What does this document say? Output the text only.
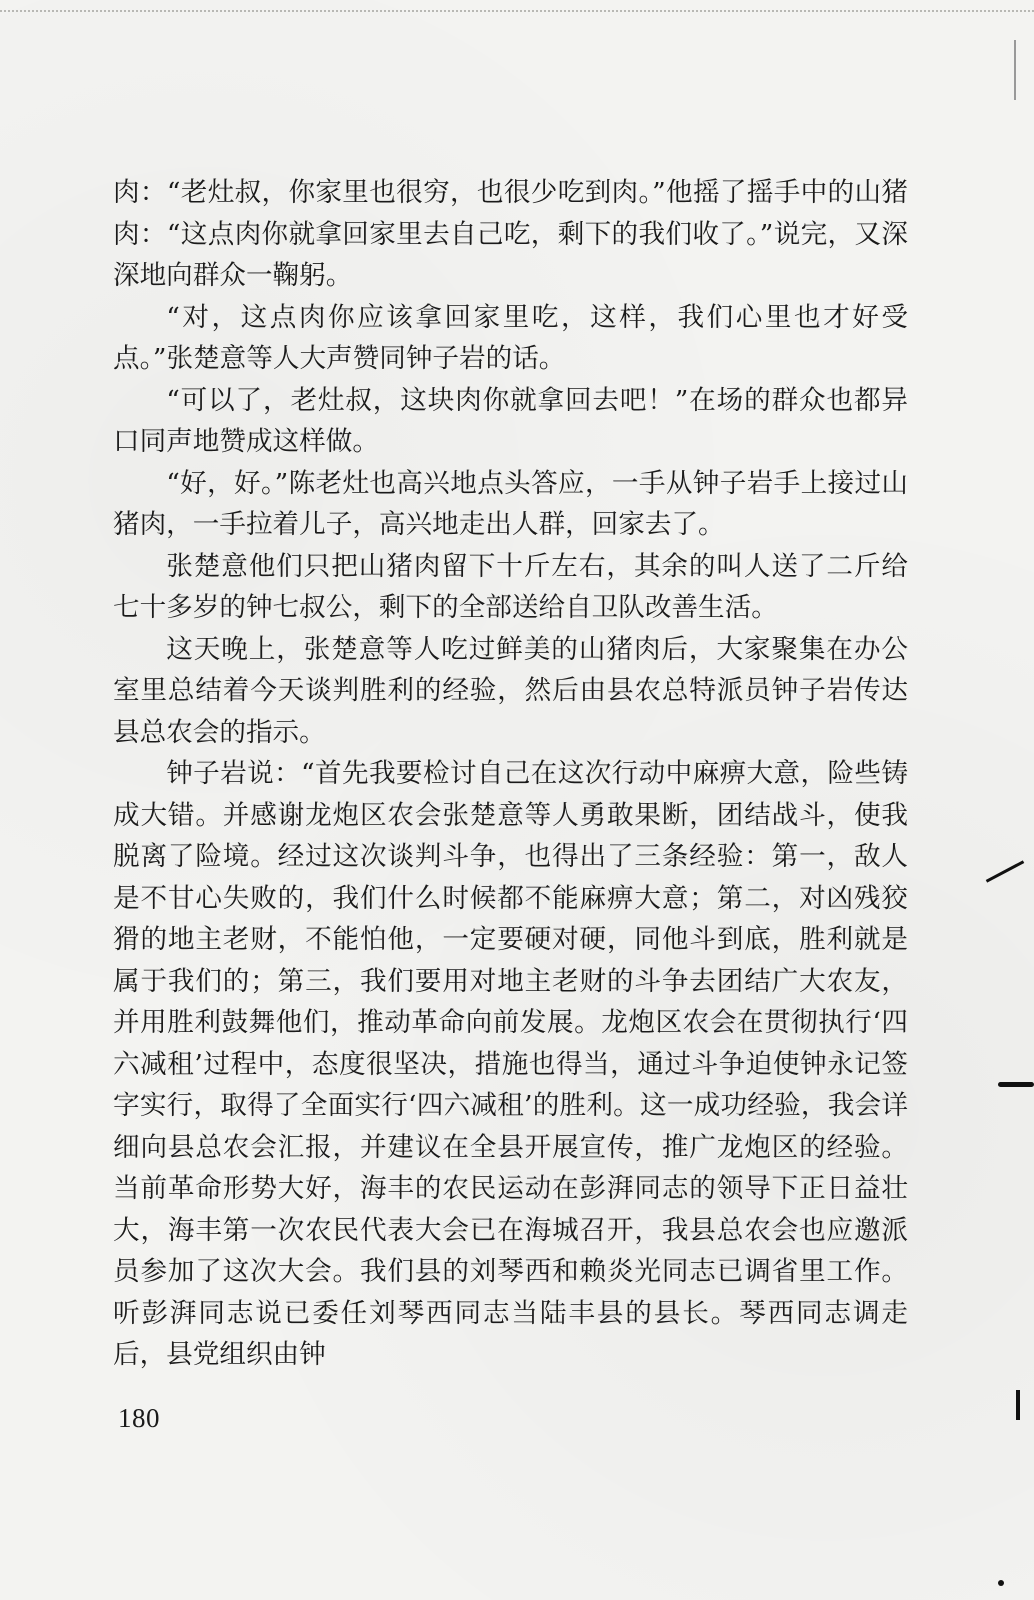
肉：“老灶叔，你家里也很穷，也很少吃到肉。”他摇了摇手中的山猪肉：“这点肉你就拿回家里去自己吃，剩下的我们收了。”说完，又深深地向群众一鞠躬。

“对，这点肉你应该拿回家里吃，这样，我们心里也才好受点。”张楚意等人大声赞同钟子岩的话。

“可以了，老灶叔，这块肉你就拿回去吧！”在场的群众也都异口同声地赞成这样做。

“好，好。”陈老灶也高兴地点头答应，一手从钟子岩手上接过山猪肉，一手拉着儿子，高兴地走出人群，回家去了。

张楚意他们只把山猪肉留下十斤左右，其余的叫人送了二斤给七十多岁的钟七叔公，剩下的全部送给自卫队改善生活。

这天晚上，张楚意等人吃过鲜美的山猪肉后，大家聚集在办公室里总结着今天谈判胜利的经验，然后由县农总特派员钟子岩传达县总农会的指示。

钟子岩说：“首先我要检讨自己在这次行动中麻痹大意，险些铸成大错。并感谢龙炮区农会张楚意等人勇敢果断，团结战斗，使我脱离了险境。经过这次谈判斗争，也得出了三条经验：第一，敌人是不甘心失败的，我们什么时候都不能麻痹大意；第二，对凶残狡猾的地主老财，不能怕他，一定要硬对硬，同他斗到底，胜利就是属于我们的；第三，我们要用对地主老财的斗争去团结广大农友，并用胜利鼓舞他们，推动革命向前发展。龙炮区农会在贯彻执行‘四六减租’过程中，态度很坚决，措施也得当，通过斗争迫使钟永记签字实行，取得了全面实行‘四六减租’的胜利。这一成功经验，我会详细向县总农会汇报，并建议在全县开展宣传，推广龙炮区的经验。当前革命形势大好，海丰的农民运动在彭湃同志的领导下正日益壮大，海丰第一次农民代表大会已在海城召开，我县总农会也应邀派员参加了这次大会。我们县的刘琴西和赖炎光同志已调省里工作。听彭湃同志说已委任刘琴西同志当陆丰县的县长。琴西同志调走后，县党组织由钟

180
